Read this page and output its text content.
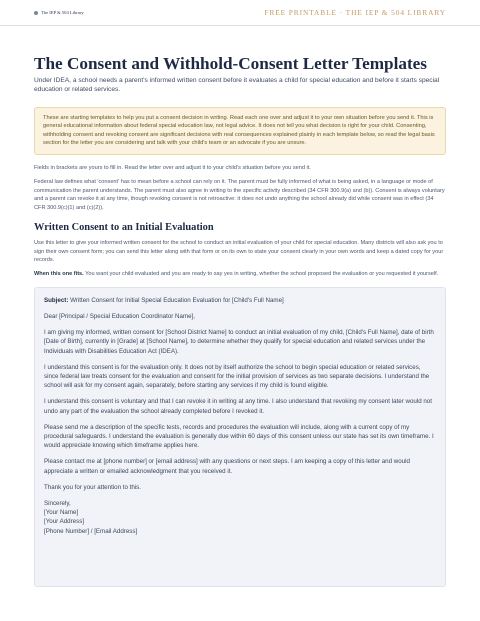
The IEP & 504 Library	FREE PRINTABLE · THE IEP & 504 LIBRARY
The Consent and Withhold-Consent Letter Templates

Under IDEA, a school needs a parent's informed written consent before it evaluates a child for special education and before it starts special education or related services.

These are starting templates to help you put a consent decision in writing. Read each one over and adjust it to your own situation before you send it. This is general educational information about federal special education law, not legal advice. It does not tell you what decision is right for your child. Consenting, withholding consent and revoking consent are significant decisions with real consequences explained plainly in each template below, so read the legal basis section for the letter you are considering and talk with your child's team or an advocate if you are unsure.

Fields in brackets are yours to fill in. Read the letter over and adjust it to your child's situation before you send it.

Federal law defines what 'consent' has to mean before a school can rely on it. The parent must be fully informed of what is being asked, in a language or mode of communication the parent understands. The parent must also agree in writing to the specific activity described (34 CFR 300.9(a) and (b)). Consent is always voluntary and a parent can revoke it at any time, though revoking consent is not retroactive: it does not undo anything the school already did while consent was in effect (34 CFR 300.9(c)(1) and (c)(2)).

Written Consent to an Initial Evaluation

Use this letter to give your informed written consent for the school to conduct an initial evaluation of your child for special education. Many districts will also ask you to sign their own consent form; you can send this letter along with that form or on its own to state your consent clearly in your own words and keep a dated copy for your records.

When this one fits. You want your child evaluated and you are ready to say yes in writing, whether the school proposed the evaluation or you requested it yourself.

Subject: Written Consent for Initial Special Education Evaluation for [Child's Full Name]

Dear [Principal / Special Education Coordinator Name],

I am giving my informed, written consent for [School District Name] to conduct an initial evaluation of my child, [Child's Full Name], date of birth [Date of Birth], currently in [Grade] at [School Name], to determine whether they qualify for special education and related services under the Individuals with Disabilities Education Act (IDEA).

I understand this consent is for the evaluation only. It does not by itself authorize the school to begin special education or related services, since federal law treats consent for the evaluation and consent for the initial provision of services as two separate decisions. I understand the school will ask for my consent again, separately, before starting any services if my child is found eligible.

I understand this consent is voluntary and that I can revoke it in writing at any time. I also understand that revoking my consent later would not undo any part of the evaluation the school already completed before I revoked it.

Please send me a description of the specific tests, records and procedures the evaluation will include, along with a current copy of my procedural safeguards. I understand the evaluation is generally due within 60 days of this consent unless our state has set its own timeframe. I would appreciate knowing which timeframe applies here.

Please contact me at [phone number] or [email address] with any questions or next steps. I am keeping a copy of this letter and would appreciate a written or emailed acknowledgment that you received it.

Thank you for your attention to this.

Sincerely,
[Your Name]
[Your Address]
[Phone Number] / [Email Address]
